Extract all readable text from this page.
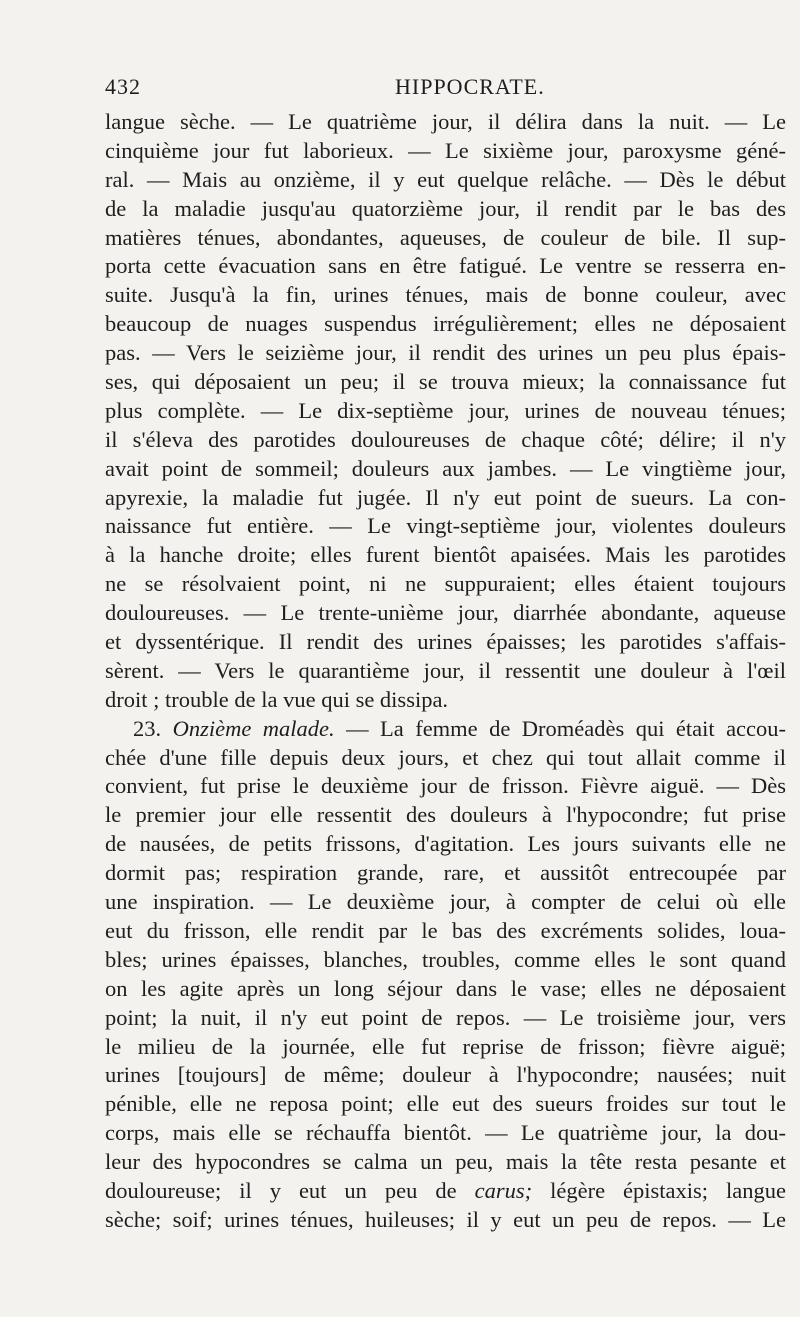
432	HIPPOCRATE.
langue sèche. — Le quatrième jour, il délira dans la nuit. — Le
cinquième jour fut laborieux. — Le sixième jour, paroxysme géné-
ral. — Mais au onzième, il y eut quelque relâche. — Dès le début
de la maladie jusqu'au quatorzième jour, il rendit par le bas des
matières ténues, abondantes, aqueuses, de couleur de bile. Il sup-
porta cette évacuation sans en être fatigué. Le ventre se resserra en-
suite. Jusqu'à la fin, urines ténues, mais de bonne couleur, avec
beaucoup de nuages suspendus irrégulièrement; elles ne déposaient
pas. — Vers le seizième jour, il rendit des urines un peu plus épais-
ses, qui déposaient un peu; il se trouva mieux; la connaissance fut
plus complète. — Le dix-septième jour, urines de nouveau ténues;
il s'éleva des parotides douloureuses de chaque côté; délire; il n'y
avait point de sommeil; douleurs aux jambes. — Le vingtième jour,
apyrexie, la maladie fut jugée. Il n'y eut point de sueurs. La con-
naissance fut entière. — Le vingt-septième jour, violentes douleurs
à la hanche droite; elles furent bientôt apaisées. Mais les parotides
ne se résolvaient point, ni ne suppuraient; elles étaient toujours
douloureuses. — Le trente-unième jour, diarrhée abondante, aqueuse
et dyssentérique. Il rendit des urines épaisses; les parotides s'affais-
sèrent. — Vers le quarantième jour, il ressentit une douleur à l'œil
droit ; trouble de la vue qui se dissipa.
23. Onzième malade. — La femme de Droméadès qui était accou-
chée d'une fille depuis deux jours, et chez qui tout allait comme il
convient, fut prise le deuxième jour de frisson. Fièvre aiguë. — Dès
le premier jour elle ressentit des douleurs à l'hypocondre; fut prise
de nausées, de petits frissons, d'agitation. Les jours suivants elle ne
dormit pas; respiration grande, rare, et aussitôt entrecoupée par
une inspiration. — Le deuxième jour, à compter de celui où elle
eut du frisson, elle rendit par le bas des excréments solides, loua-
bles; urines épaisses, blanches, troubles, comme elles le sont quand
on les agite après un long séjour dans le vase; elles ne déposaient
point; la nuit, il n'y eut point de repos. — Le troisième jour, vers
le milieu de la journée, elle fut reprise de frisson; fièvre aiguë;
urines [toujours] de même; douleur à l'hypocondre; nausées; nuit
pénible, elle ne reposa point; elle eut des sueurs froides sur tout le
corps, mais elle se réchauffa bientôt. — Le quatrième jour, la dou-
leur des hypocondres se calma un peu, mais la tête resta pesante et
douloureuse; il y eut un peu de carus; légère épistaxis; langue
sèche; soif; urines ténues, huileuses; il y eut un peu de repos. — Le
